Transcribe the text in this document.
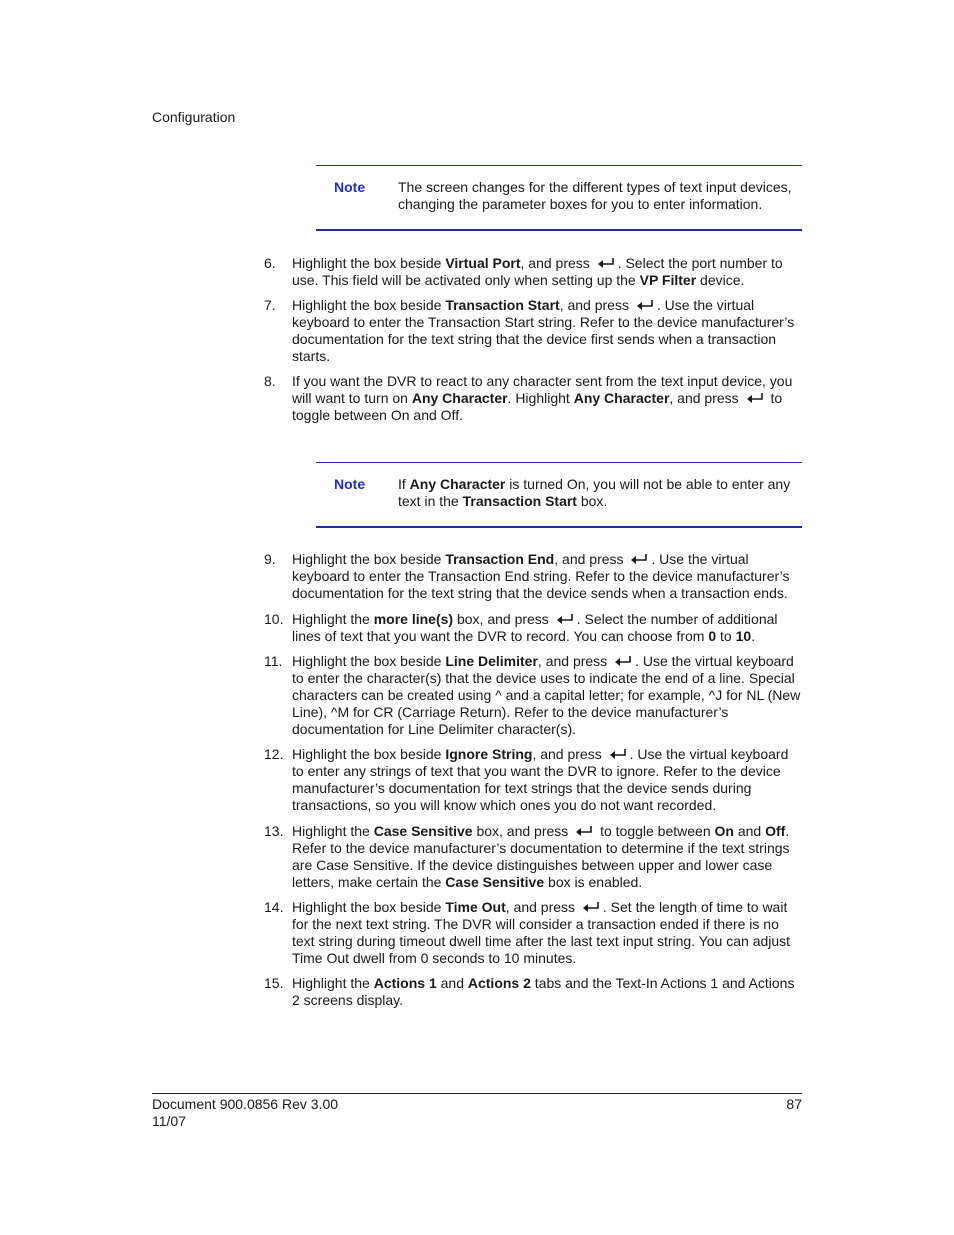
Configuration
Note The screen changes for the different types of text input devices, changing the parameter boxes for you to enter information.
6. Highlight the box beside Virtual Port, and press . Select the port number to use. This field will be activated only when setting up the VP Filter device.
7. Highlight the box beside Transaction Start, and press . Use the virtual keyboard to enter the Transaction Start string. Refer to the device manufacturer’s documentation for the text string that the device first sends when a transaction starts.
8. If you want the DVR to react to any character sent from the text input device, you will want to turn on Any Character. Highlight Any Character, and press  to toggle between On and Off.
Note If Any Character is turned On, you will not be able to enter any text in the Transaction Start box.
9. Highlight the box beside Transaction End, and press . Use the virtual keyboard to enter the Transaction End string. Refer to the device manufacturer’s documentation for the text string that the device sends when a transaction ends.
10. Highlight the more line(s) box, and press . Select the number of additional lines of text that you want the DVR to record. You can choose from 0 to 10.
11. Highlight the box beside Line Delimiter, and press . Use the virtual keyboard to enter the character(s) that the device uses to indicate the end of a line. Special characters can be created using ^ and a capital letter; for example, ^J for NL (New Line), ^M for CR (Carriage Return). Refer to the device manufacturer’s documentation for Line Delimiter character(s).
12. Highlight the box beside Ignore String, and press . Use the virtual keyboard to enter any strings of text that you want the DVR to ignore. Refer to the device manufacturer’s documentation for text strings that the device sends during transactions, so you will know which ones you do not want recorded.
13. Highlight the Case Sensitive box, and press  to toggle between On and Off. Refer to the device manufacturer’s documentation to determine if the text strings are Case Sensitive. If the device distinguishes between upper and lower case letters, make certain the Case Sensitive box is enabled.
14. Highlight the box beside Time Out, and press . Set the length of time to wait for the next text string. The DVR will consider a transaction ended if there is no text string during timeout dwell time after the last text input string. You can adjust Time Out dwell from 0 seconds to 10 minutes.
15. Highlight the Actions 1 and Actions 2 tabs and the Text-In Actions 1 and Actions 2 screens display.
Document 900.0856 Rev 3.00
11/07
87
